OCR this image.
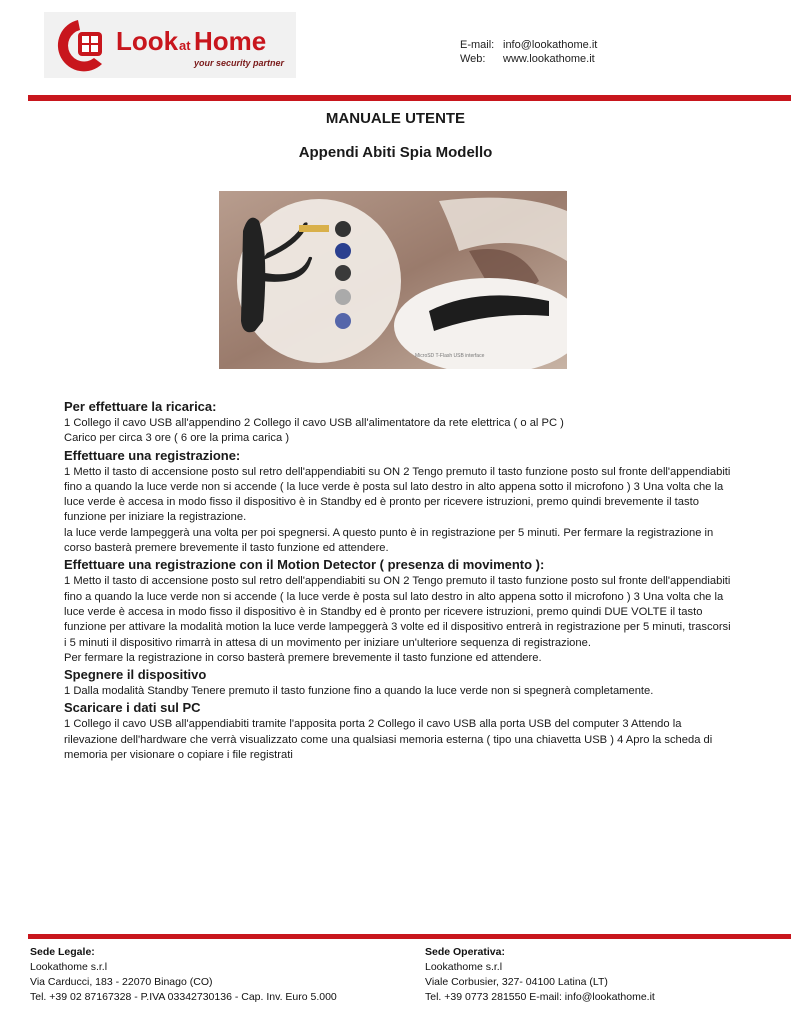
Look at Home
your security partner
E-mail: info@lookathome.it
Web:	www.lookathome.it
MANUALE UTENTE
Appendi Abiti Spia Modello
MicroSD T-Flash USB interface
Per effettuare la ricarica:

1 Collego il cavo USB all'appendino 2 Collego il cavo USB all'alimentatore da rete elettrica ( o al PC )

Carico per circa 3 ore ( 6 ore la prima carica )

Effettuare una registrazione:

1 Metto il tasto di accensione posto sul retro dell'appendiabiti su ON 2 Tengo premuto il tasto funzione posto sul fronte dell'appendiabiti fino a quando la luce verde non si accende ( la luce verde è posta sul lato destro in alto appena sotto il microfono ) 3 Una volta che la luce verde è accesa in modo fisso il dispositivo è in Standby ed è pronto per ricevere istruzioni, premo quindi brevemente il tasto funzione per iniziare la registrazione.

la luce verde lampeggerà una volta per poi spegnersi. A questo punto è in registrazione per 5 minuti. Per fermare la registrazione in corso basterà premere brevemente il tasto funzione ed attendere.

Effettuare una registrazione con il Motion Detector ( presenza di movimento ):

1 Metto il tasto di accensione posto sul retro dell'appendiabiti su ON 2 Tengo premuto il tasto funzione posto sul fronte dell'appendiabiti fino a quando la luce verde non si accende ( la luce verde è posta sul lato destro in alto appena sotto il microfono ) 3 Una volta che la luce verde è accesa in modo fisso il dispositivo è in Standby ed è pronto per ricevere istruzioni, premo quindi DUE VOLTE il tasto funzione per attivare la modalità motion la luce verde lampeggerà 3 volte ed il dispositivo entrerà in registrazione per 5 minuti, trascorsi i 5 minuti il dispositivo rimarrà in attesa di un movimento per iniziare un'ulteriore sequenza di registrazione.

Per fermare la registrazione in corso basterà premere brevemente il tasto funzione ed attendere.

Spegnere il dispositivo

1 Dalla modalità Standby Tenere premuto il tasto funzione fino a quando la luce verde non si spegnerà completamente.

Scaricare i dati sul PC

1 Collego il cavo USB all'appendiabiti tramite l'apposita porta 2 Collego il cavo USB alla porta USB del computer 3 Attendo la rilevazione dell'hardware che verrà visualizzato come una qualsiasi memoria esterna ( tipo una chiavetta USB ) 4 Apro la scheda di memoria per visionare o copiare i file registrati

Sede Legale:
Lookathome s.r.l
Via Carducci, 183 - 22070 Binago (CO)
Tel. +39 02 87167328 - P.IVA 03342730136 - Cap. Inv. Euro 5.000
Sede Operativa:
Lookathome s.r.l
Viale Corbusier, 327- 04100 Latina (LT)
Tel. +39 0773 281550 E-mail: info@lookathome.it
